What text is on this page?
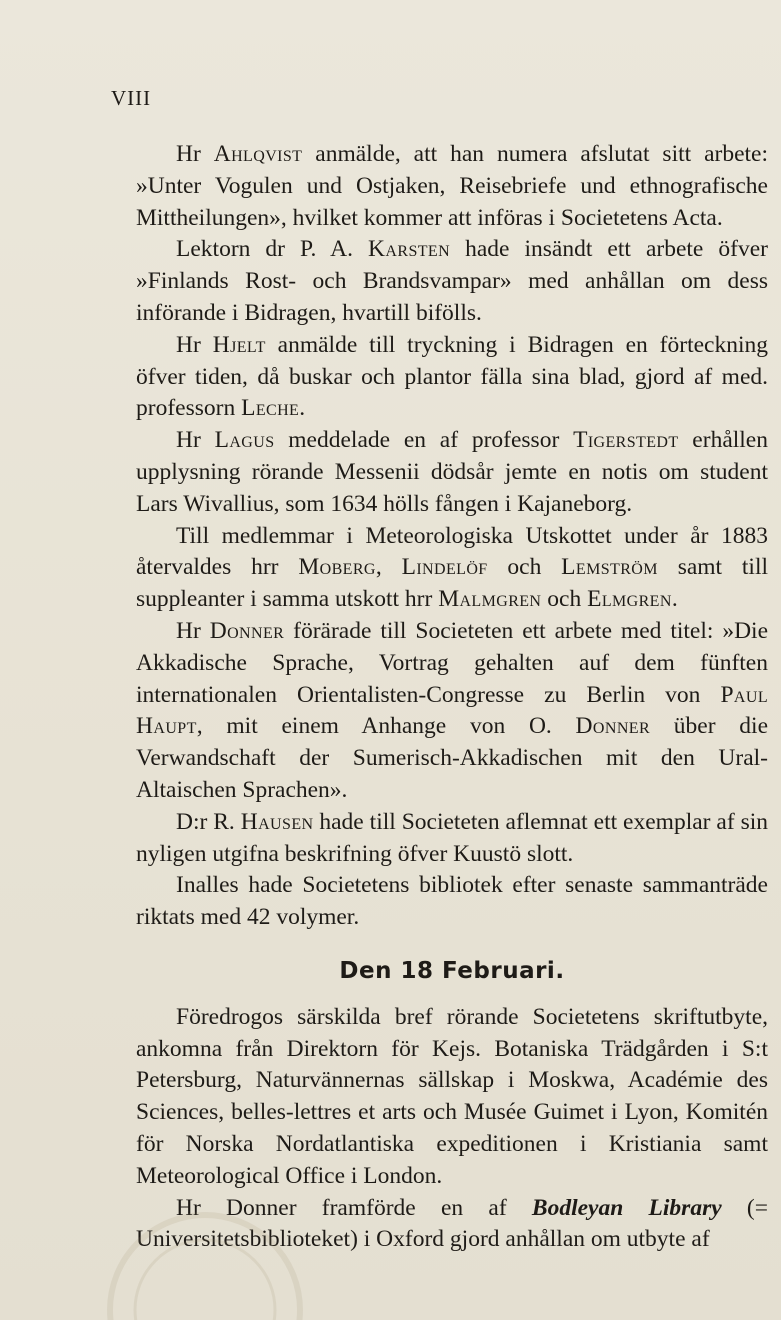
VIII

Hr Ahlqvist anmälde, att han numera afslutat sitt arbete: »Unter Vogulen und Ostjaken, Reisebriefe und ethnografische Mittheilungen», hvilket kommer att införas i Societetens Acta.

Lektorn dr P. A. Karsten hade insändt ett arbete öfver »Finlands Rost- och Brandsvampar» med anhållan om dess införande i Bidragen, hvartill bifölls.

Hr Hjelt anmälde till tryckning i Bidragen en förteckning öfver tiden, då buskar och plantor fälla sina blad, gjord af med. professorn Leche.

Hr Lagus meddelade en af professor Tigerstedt erhållen upplysning rörande Messenii dödsår jemte en notis om student Lars Wivallius, som 1634 hölls fången i Kajaneborg.

Till medlemmar i Meteorologiska Utskottet under år 1883 återvaldes hrr Moberg, Lindelöf och Lemström samt till suppleanter i samma utskott hrr Malmgren och Elmgren.

Hr Donner förärade till Societeten ett arbete med titel: »Die Akkadische Sprache, Vortrag gehalten auf dem fünften internationalen Orientalisten-Congresse zu Berlin von Paul Haupt, mit einem Anhange von O. Donner über die Verwandschaft der Sumerisch-Akkadischen mit den Ural-Altaischen Sprachen».

D:r R. Hausen hade till Societeten aflemnat ett exemplar af sin nyligen utgifna beskrifning öfver Kuustö slott.

Inalles hade Societetens bibliotek efter senaste sammanträde riktats med 42 volymer.

Den 18 Februari.

Föredrogos särskilda bref rörande Societetens skriftutbyte, ankomna från Direktorn för Kejs. Botaniska Trädgården i S:t Petersburg, Naturvännernas sällskap i Moskwa, Académie des Sciences, belles-lettres et arts och Musée Guimet i Lyon, Komitén för Norska Nordatlantiska expeditionen i Kristiania samt Meteorological Office i London.

Hr Donner framförde en af Bodleyan Library (= Universitetsbiblioteket) i Oxford gjord anhållan om utbyte af
